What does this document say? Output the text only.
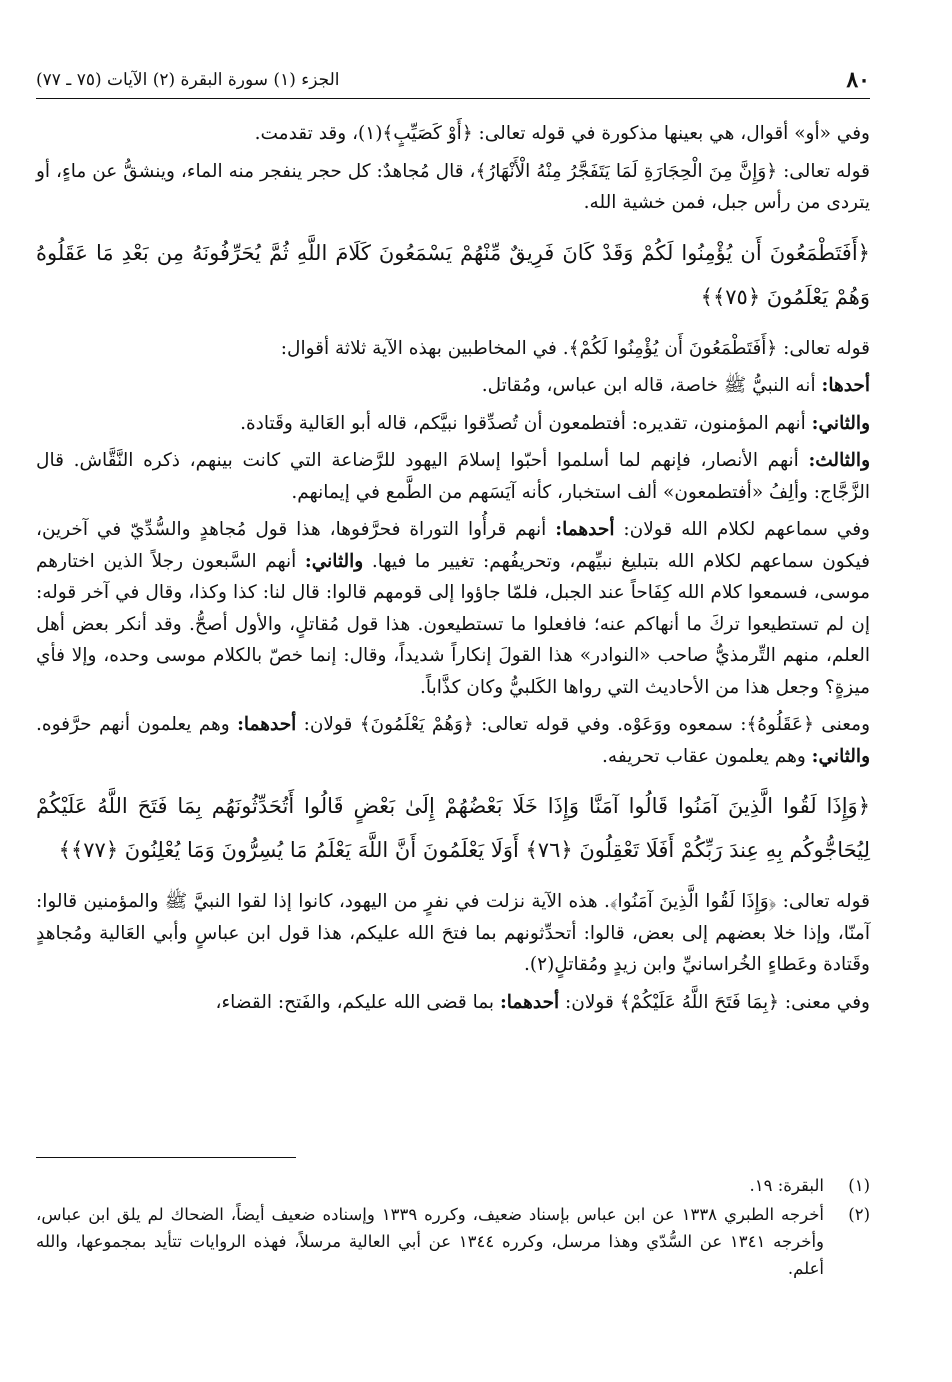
٨٠
الجزء (١) سورة البقرة (٢) الآيات (٧٥ ـ ٧٧)

وفي «أو» أقوال، هي بعينها مذكورة في قوله تعالى: ﴿أَوْ كَصَيِّبٍ﴾(١)، وقد تقدمت.

قوله تعالى: ﴿وَإِنَّ مِنَ الْحِجَارَةِ لَمَا يَتَفَجَّرُ مِنْهُ الْأَنْهَارُ﴾، قال مُجاهدٌ: كل حجر ينفجر منه الماء، وينشقُّ عن ماءٍ، أو يتردى من رأس جبل، فمن خشية الله.

﴿أَفَتَطْمَعُونَ أَن يُؤْمِنُوا لَكُمْ وَقَدْ كَانَ فَرِيقٌ مِّنْهُمْ يَسْمَعُونَ كَلَامَ اللَّهِ ثُمَّ يُحَرِّفُونَهُ مِن بَعْدِ مَا عَقَلُوهُ وَهُمْ يَعْلَمُونَ ﴿٧٥﴾﴾

قوله تعالى: ﴿أَفَتَطْمَعُونَ أَن يُؤْمِنُوا لَكُمْ﴾. في المخاطبين بهذه الآية ثلاثة أقوال:

أحدها: أنه النبيُّ ﷺ خاصة، قاله ابن عباس، ومُقاتل.

والثاني: أنهم المؤمنون، تقديره: أفتطمعون أن تُصدِّقوا نبيَّكم، قاله أبو العَالية وقَتادة.

والثالث: أنهم الأنصار، فإنهم لما أسلموا أحبّوا إسلامَ اليهود للرَّضاعة التي كانت بينهم، ذكره النَّقَّاش. قال الزَّجَّاج: وألِفُ «أفتطمعون» ألف استخبار، كأنه آيَسَهم من الطَّمع في إيمانهم.

وفي سماعهم لكلام الله قولان: أحدهما: أنهم قرأُوا التوراة فحرَّفوها، هذا قول مُجاهدٍ والسُّدِّيّ في آخرين، فيكون سماعهم لكلام الله بتبليغ نبيِّهم، وتحريفُهم: تغيير ما فيها. والثاني: أنهم السَّبعون رجلاً الذين اختارهم موسى، فسمعوا كلام الله كِفَاحاً عند الجبل، فلمّا جاؤوا إلى قومهم قالوا: قال لنا: كذا وكذا، وقال في آخر قوله: إن لم تستطيعوا تركَ ما أنهاكم عنه؛ فافعلوا ما تستطيعون. هذا قول مُقاتلٍ، والأول أصحُّ. وقد أنكر بعض أهل العلم، منهم التِّرمذيُّ صاحب «النوادر» هذا القولَ إنكاراً شديداً، وقال: إنما خصّ بالكلام موسى وحده، وإلا فأي ميزةٍ؟ وجعل هذا من الأحاديث التي رواها الكَلبيُّ وكان كذَّاباً.

ومعنى ﴿عَقَلُوهُ﴾: سمعوه ووَعَوْه. وفي قوله تعالى: ﴿وَهُمْ يَعْلَمُونَ﴾ قولان: أحدهما: وهم يعلمون أنهم حرَّفوه. والثاني: وهم يعلمون عقاب تحريفه.

﴿وَإِذَا لَقُوا الَّذِينَ آمَنُوا قَالُوا آمَنَّا وَإِذَا خَلَا بَعْضُهُمْ إِلَىٰ بَعْضٍ قَالُوا أَتُحَدِّثُونَهُم بِمَا فَتَحَ اللَّهُ عَلَيْكُمْ لِيُحَاجُّوكُم بِهِ عِندَ رَبِّكُمْ أَفَلَا تَعْقِلُونَ ﴿٧٦﴾ أَوَلَا يَعْلَمُونَ أَنَّ اللَّهَ يَعْلَمُ مَا يُسِرُّونَ وَمَا يُعْلِنُونَ ﴿٧٧﴾﴾

قوله تعالى: ﴿وَإِذَا لَقُوا الَّذِينَ آمَنُوا﴾. هذه الآية نزلت في نفرٍ من اليهود، كانوا إذا لقوا النبيَّ ﷺ والمؤمنين قالوا: آمنّا، وإذا خلا بعضهم إلى بعض، قالوا: أتحدِّثونهم بما فتحَ الله عليكم، هذا قول ابن عباسٍ وأبي العَالية ومُجاهدٍ وقَتادة وعَطاءٍ الخُراسانيِّ وابن زيدٍ ومُقاتلٍ(٢).

وفي معنى: ﴿بِمَا فَتَحَ اللَّهُ عَلَيْكُمْ﴾ قولان: أحدهما: بما قضى الله عليكم، والفَتح: القضاء،

(١)
البقرة: ١٩.
(٢)
أخرجه الطبري ١٣٣٨ عن ابن عباس بإسناد ضعيف، وكرره ١٣٣٩ وإسناده ضعيف أيضاً، الضحاك لم يلق ابن عباس، وأخرجه ١٣٤١ عن السُّدّي وهذا مرسل، وكرره ١٣٤٤ عن أبي العالية مرسلاً، فهذه الروايات تتأيد بمجموعها، والله أعلم.
